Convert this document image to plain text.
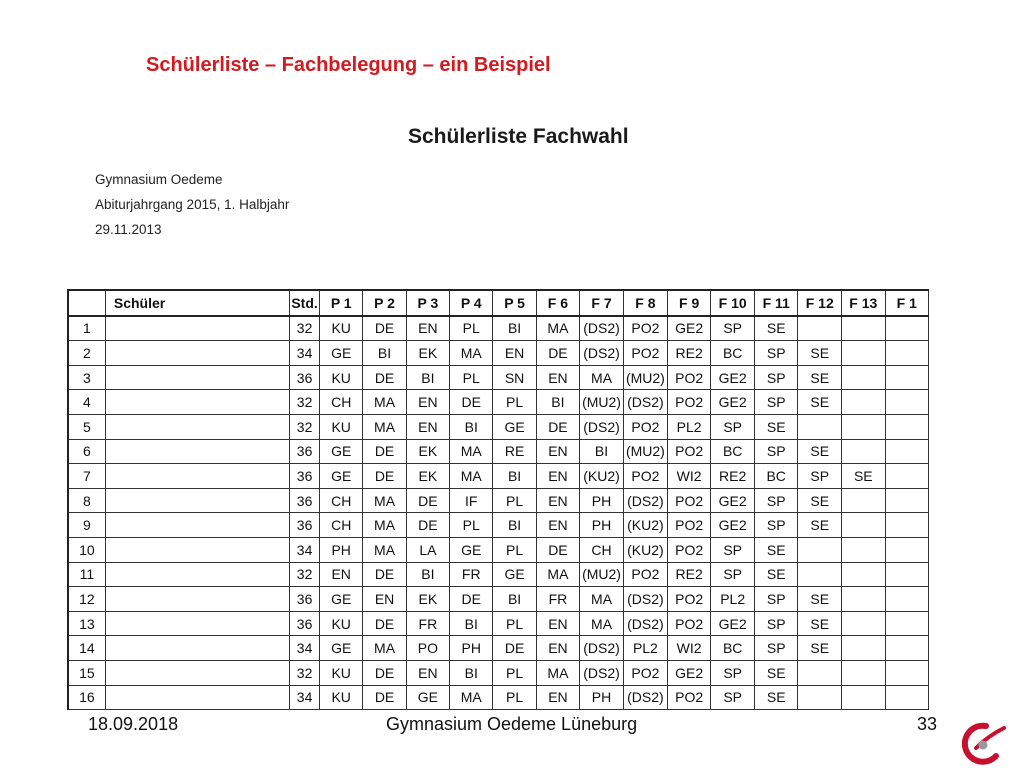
Schülerliste – Fachbelegung – ein Beispiel
Schülerliste Fachwahl
Gymnasium Oedeme
Abiturjahrgang 2015, 1. Halbjahr
29.11.2013
	Schüler	Std.	P 1	P 2	P 3	P 4	P 5	F 6	F 7	F 8	F 9	F 10	F 11	F 12	F 13	F 1
1		32	KU	DE	EN	PL	BI	MA	(DS2)	PO2	GE2	SP	SE			
2		34	GE	BI	EK	MA	EN	DE	(DS2)	PO2	RE2	BC	SP	SE		
3		36	KU	DE	BI	PL	SN	EN	MA	(MU2)	PO2	GE2	SP	SE		
4		32	CH	MA	EN	DE	PL	BI	(MU2)	(DS2)	PO2	GE2	SP	SE		
5		32	KU	MA	EN	BI	GE	DE	(DS2)	PO2	PL2	SP	SE			
6		36	GE	DE	EK	MA	RE	EN	BI	(MU2)	PO2	BC	SP	SE		
7		36	GE	DE	EK	MA	BI	EN	(KU2)	PO2	WI2	RE2	BC	SP	SE	
8		36	CH	MA	DE	IF	PL	EN	PH	(DS2)	PO2	GE2	SP	SE		
9		36	CH	MA	DE	PL	BI	EN	PH	(KU2)	PO2	GE2	SP	SE		
10		34	PH	MA	LA	GE	PL	DE	CH	(KU2)	PO2	SP	SE			
11		32	EN	DE	BI	FR	GE	MA	(MU2)	PO2	RE2	SP	SE			
12		36	GE	EN	EK	DE	BI	FR	MA	(DS2)	PO2	PL2	SP	SE		
13		36	KU	DE	FR	BI	PL	EN	MA	(DS2)	PO2	GE2	SP	SE		
14		34	GE	MA	PO	PH	DE	EN	(DS2)	PL2	WI2	BC	SP	SE		
15		32	KU	DE	EN	BI	PL	MA	(DS2)	PO2	GE2	SP	SE			
16		34	KU	DE	GE	MA	PL	EN	PH	(DS2)	PO2	SP	SE			
18.09.2018	Gymnasium Oedeme Lüneburg	33
